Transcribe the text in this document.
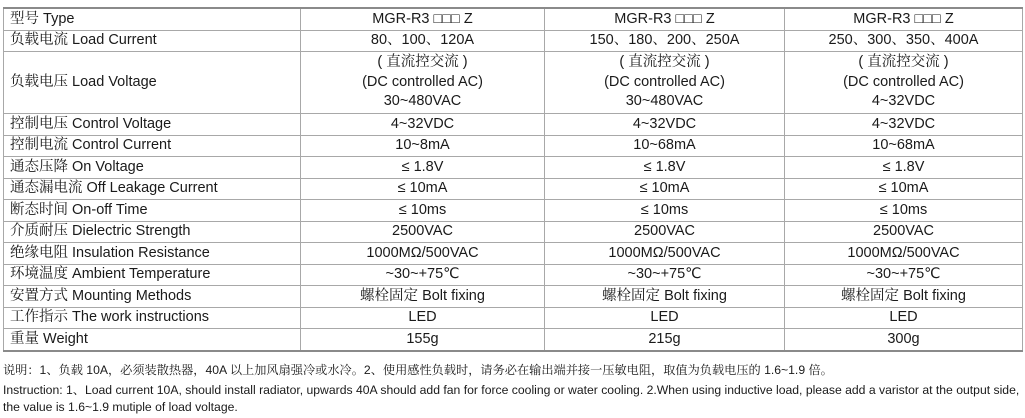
型号 Type	MGR-R3 □□□ Z	MGR-R3 □□□ Z	MGR-R3 □□□ Z
负载电流 Load Current	80、100、120A	150、180、200、250A	250、300、350、400A
负载电压 Load Voltage	( 直流控交流 )
(DC controlled AC)
30~480VAC	( 直流控交流 )
(DC controlled AC)
30~480VAC	( 直流控交流 )
(DC controlled AC)
4~32VDC

控制电压 Control Voltage	4~32VDC	4~32VDC	4~32VDC
控制电流 Control Current	10~8mA	10~68mA	10~68mA
通态压降 On Voltage	≤ 1.8V	≤ 1.8V	≤ 1.8V
通态漏电流 Off Leakage Current	≤ 10mA	≤ 10mA	≤ 10mA
断态时间 On-off Time	≤ 10ms	≤ 10ms	≤ 10ms
介质耐压 Dielectric Strength	2500VAC	2500VAC	2500VAC
绝缘电阻 Insulation Resistance	1000MΩ/500VAC	1000MΩ/500VAC	1000MΩ/500VAC
环境温度 Ambient Temperature	~30~+75℃	~30~+75℃	~30~+75℃
安置方式 Mounting Methods	螺栓固定 Bolt fixing	螺栓固定 Bolt fixing	螺栓固定 Bolt fixing
工作指示 The work instructions	LED	LED	LED
重量 Weight	155g	215g	300g
说明：1、负载 10A，必须装散热器，40A 以上加风扇强冷或水冷。2、使用感性负载时，请务必在输出端并接一压敏电阻，取值为负载电压的 1.6~1.9 倍。
Instruction: 1、Load current 10A, should install radiator, upwards 40A should add fan for force cooling or water cooling. 2.When using inductive load, please add a varistor at the output side, the value is 1.6~1.9 mutiple of load voltage.
